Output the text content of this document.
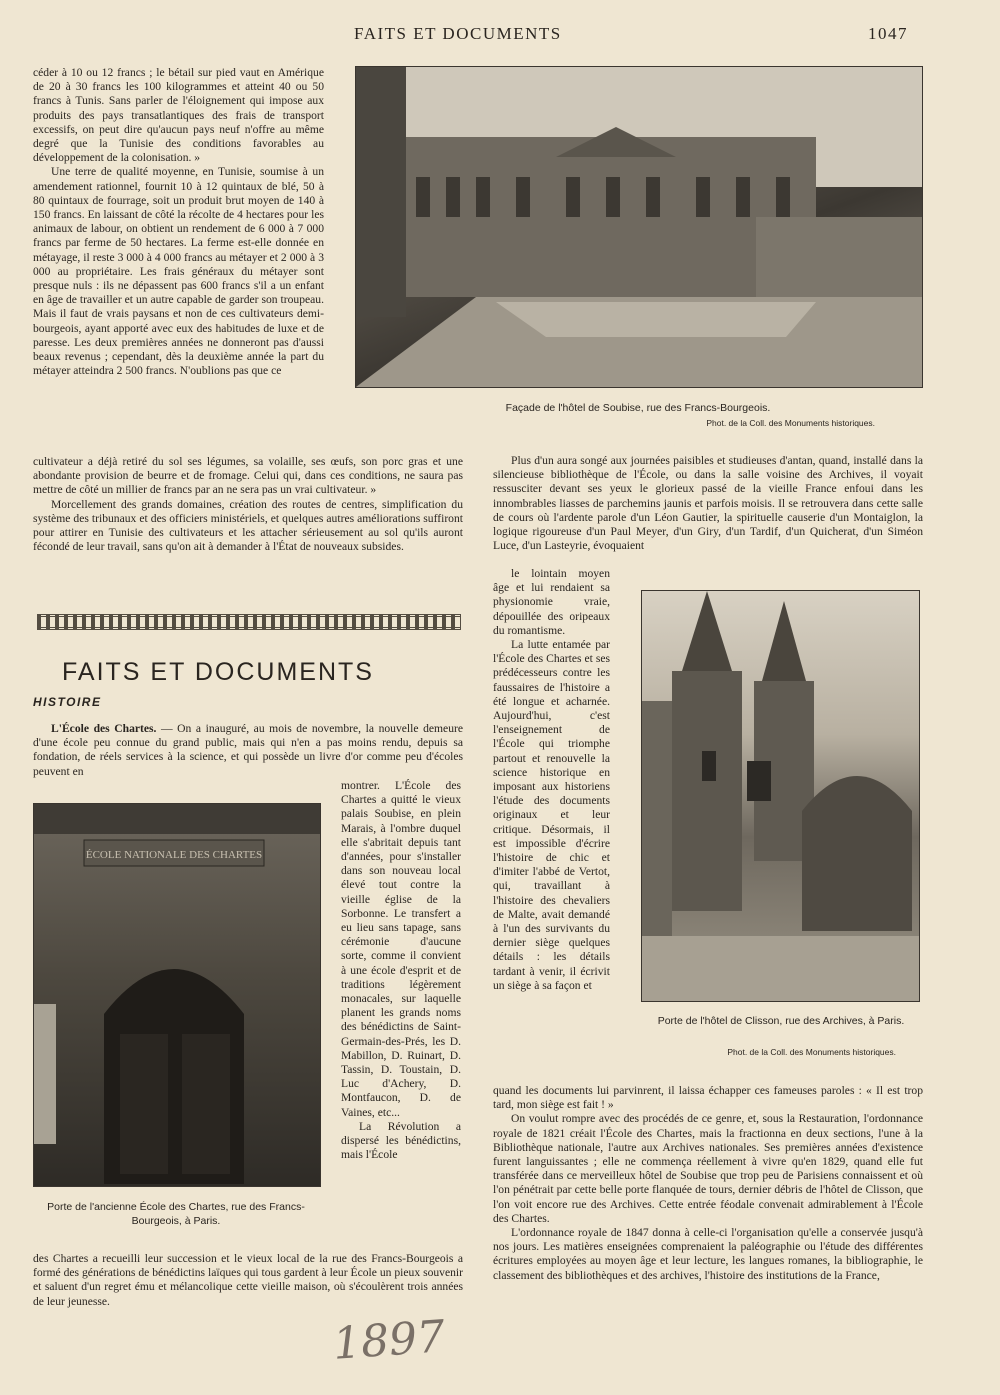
FAITS ET DOCUMENTS	1047
Façade de l'hôtel de Soubise, rue des Francs-Bourgeois.
Phot. de la Coll. des Monuments historiques.

céder à 10 ou 12 francs ; le bétail sur pied vaut en Amérique de 20 à 30 francs les 100 kilogrammes et atteint 40 ou 50 francs à Tunis. Sans parler de l'éloignement qui impose aux produits des pays transatlantiques des frais de transport excessifs, on peut dire qu'aucun pays neuf n'offre au même degré que la Tunisie des conditions favorables au développement de la colonisation. »

Une terre de qualité moyenne, en Tunisie, soumise à un amendement rationnel, fournit 10 à 12 quintaux de blé, 50 à 80 quintaux de fourrage, soit un produit brut moyen de 140 à 150 francs. En laissant de côté la récolte de 4 hectares pour les animaux de labour, on obtient un rendement de 6 000 à 7 000 francs par ferme de 50 hectares. La ferme est-elle donnée en métayage, il reste 3 000 à 4 000 francs au métayer et 2 000 à 3 000 au propriétaire. Les frais généraux du métayer sont presque nuls : ils ne dépassent pas 600 francs s'il a un enfant en âge de travailler et un autre capable de garder son troupeau. Mais il faut de vrais paysans et non de ces cultivateurs demi-bourgeois, ayant apporté avec eux des habitudes de luxe et de paresse. Les deux premières années ne donneront pas d'aussi beaux revenus ; cependant, dès la deuxième année la part du métayer atteindra 2 500 francs. N'oublions pas que ce

cultivateur a déjà retiré du sol ses légumes, sa volaille, ses œufs, son porc gras et une abondante provision de beurre et de fromage. Celui qui, dans ces conditions, ne saura pas mettre de côté un millier de francs par an ne sera pas un vrai cultivateur. »

Morcellement des grands domaines, création des routes de centres, simplification du système des tribunaux et des officiers ministériels, et quelques autres améliorations suffiront pour attirer en Tunisie des cultivateurs et les attacher sérieusement au sol qu'ils auront fécondé de leur travail, sans qu'on ait à demander à l'État de nouveaux subsides.

FAITS ET DOCUMENTS
HISTOIRE

L'École des Chartes. — On a inauguré, au mois de novembre, la nouvelle demeure d'une école peu connue du grand public, mais qui n'en a pas moins rendu, depuis sa fondation, de réels services à la science, et qui possède un livre d'or comme peu d'écoles peuvent en

ÉCOLE NATIONALE DES CHARTES
Porte de l'ancienne École des Chartes, rue des Francs-Bourgeois, à Paris.

montrer. L'École des Chartes a quitté le vieux palais Soubise, en plein Marais, à l'ombre duquel elle s'abritait depuis tant d'années, pour s'installer dans son nouveau local élevé tout contre la vieille église de la Sorbonne. Le transfert a eu lieu sans tapage, sans cérémonie d'aucune sorte, comme il convient à une école d'esprit et de traditions légèrement monacales, sur laquelle planent les grands noms des bénédictins de Saint-Germain-des-Prés, les D. Mabillon, D. Ruinart, D. Tassin, D. Toustain, D. Luc d'Achery, D. Montfaucon, D. de Vaines, etc...

La Révolution a dispersé les bénédictins, mais l'École

des Chartes a recueilli leur succession et le vieux local de la rue des Francs-Bourgeois a formé des générations de bénédictins laïques qui tous gardent à leur École un pieux souvenir et saluent d'un regret ému et mélancolique cette vieille maison, où s'écoulèrent trois années de leur jeunesse.

Plus d'un aura songé aux journées paisibles et studieuses d'antan, quand, installé dans la silencieuse bibliothèque de l'École, ou dans la salle voisine des Archives, il voyait ressusciter devant ses yeux le glorieux passé de la vieille France enfoui dans les innombrables liasses de parchemins jaunis et parfois moisis. Il se retrouvera dans cette salle de cours où l'ardente parole d'un Léon Gautier, la spirituelle causerie d'un Montaiglon, la logique rigoureuse d'un Paul Meyer, d'un Giry, d'un Tardif, d'un Quicherat, d'un Siméon Luce, d'un Lasteyrie, évoquaient

Porte de l'hôtel de Clisson, rue des Archives, à Paris.
Phot. de la Coll. des Monuments historiques.

le lointain moyen âge et lui rendaient sa physionomie vraie, dépouillée des oripeaux du romantisme.

La lutte entamée par l'École des Chartes et ses prédécesseurs contre les faussaires de l'histoire a été longue et acharnée. Aujourd'hui, c'est l'enseignement de l'École qui triomphe partout et renouvelle la science historique en imposant aux historiens l'étude des documents originaux et leur critique. Désormais, il est impossible d'écrire l'histoire de chic et d'imiter l'abbé de Vertot, qui, travaillant à l'histoire des chevaliers de Malte, avait demandé à l'un des survivants du dernier siège quelques détails : les détails tardant à venir, il écrivit un siège à sa façon et

quand les documents lui parvinrent, il laissa échapper ces fameuses paroles : « Il est trop tard, mon siège est fait ! »

On voulut rompre avec des procédés de ce genre, et, sous la Restauration, l'ordonnance royale de 1821 créait l'École des Chartes, mais la fractionna en deux sections, l'une à la Bibliothèque nationale, l'autre aux Archives nationales. Ses premières années d'existence furent languissantes ; elle ne commença réellement à vivre qu'en 1829, quand elle fut transférée dans ce merveilleux hôtel de Soubise que trop peu de Parisiens connaissent et où l'on pénétrait par cette belle porte flanquée de tours, dernier débris de l'hôtel de Clisson, que l'on voit encore rue des Archives. Cette entrée féodale convenait admirablement à l'École des Chartes.

L'ordonnance royale de 1847 donna à celle-ci l'organisation qu'elle a conservée jusqu'à nos jours. Les matières enseignées comprenaient la paléographie ou l'étude des différentes écritures employées au moyen âge et leur lecture, les langues romanes, la bibliographie, le classement des bibliothèques et des archives, l'histoire des institutions de la France,

1897
